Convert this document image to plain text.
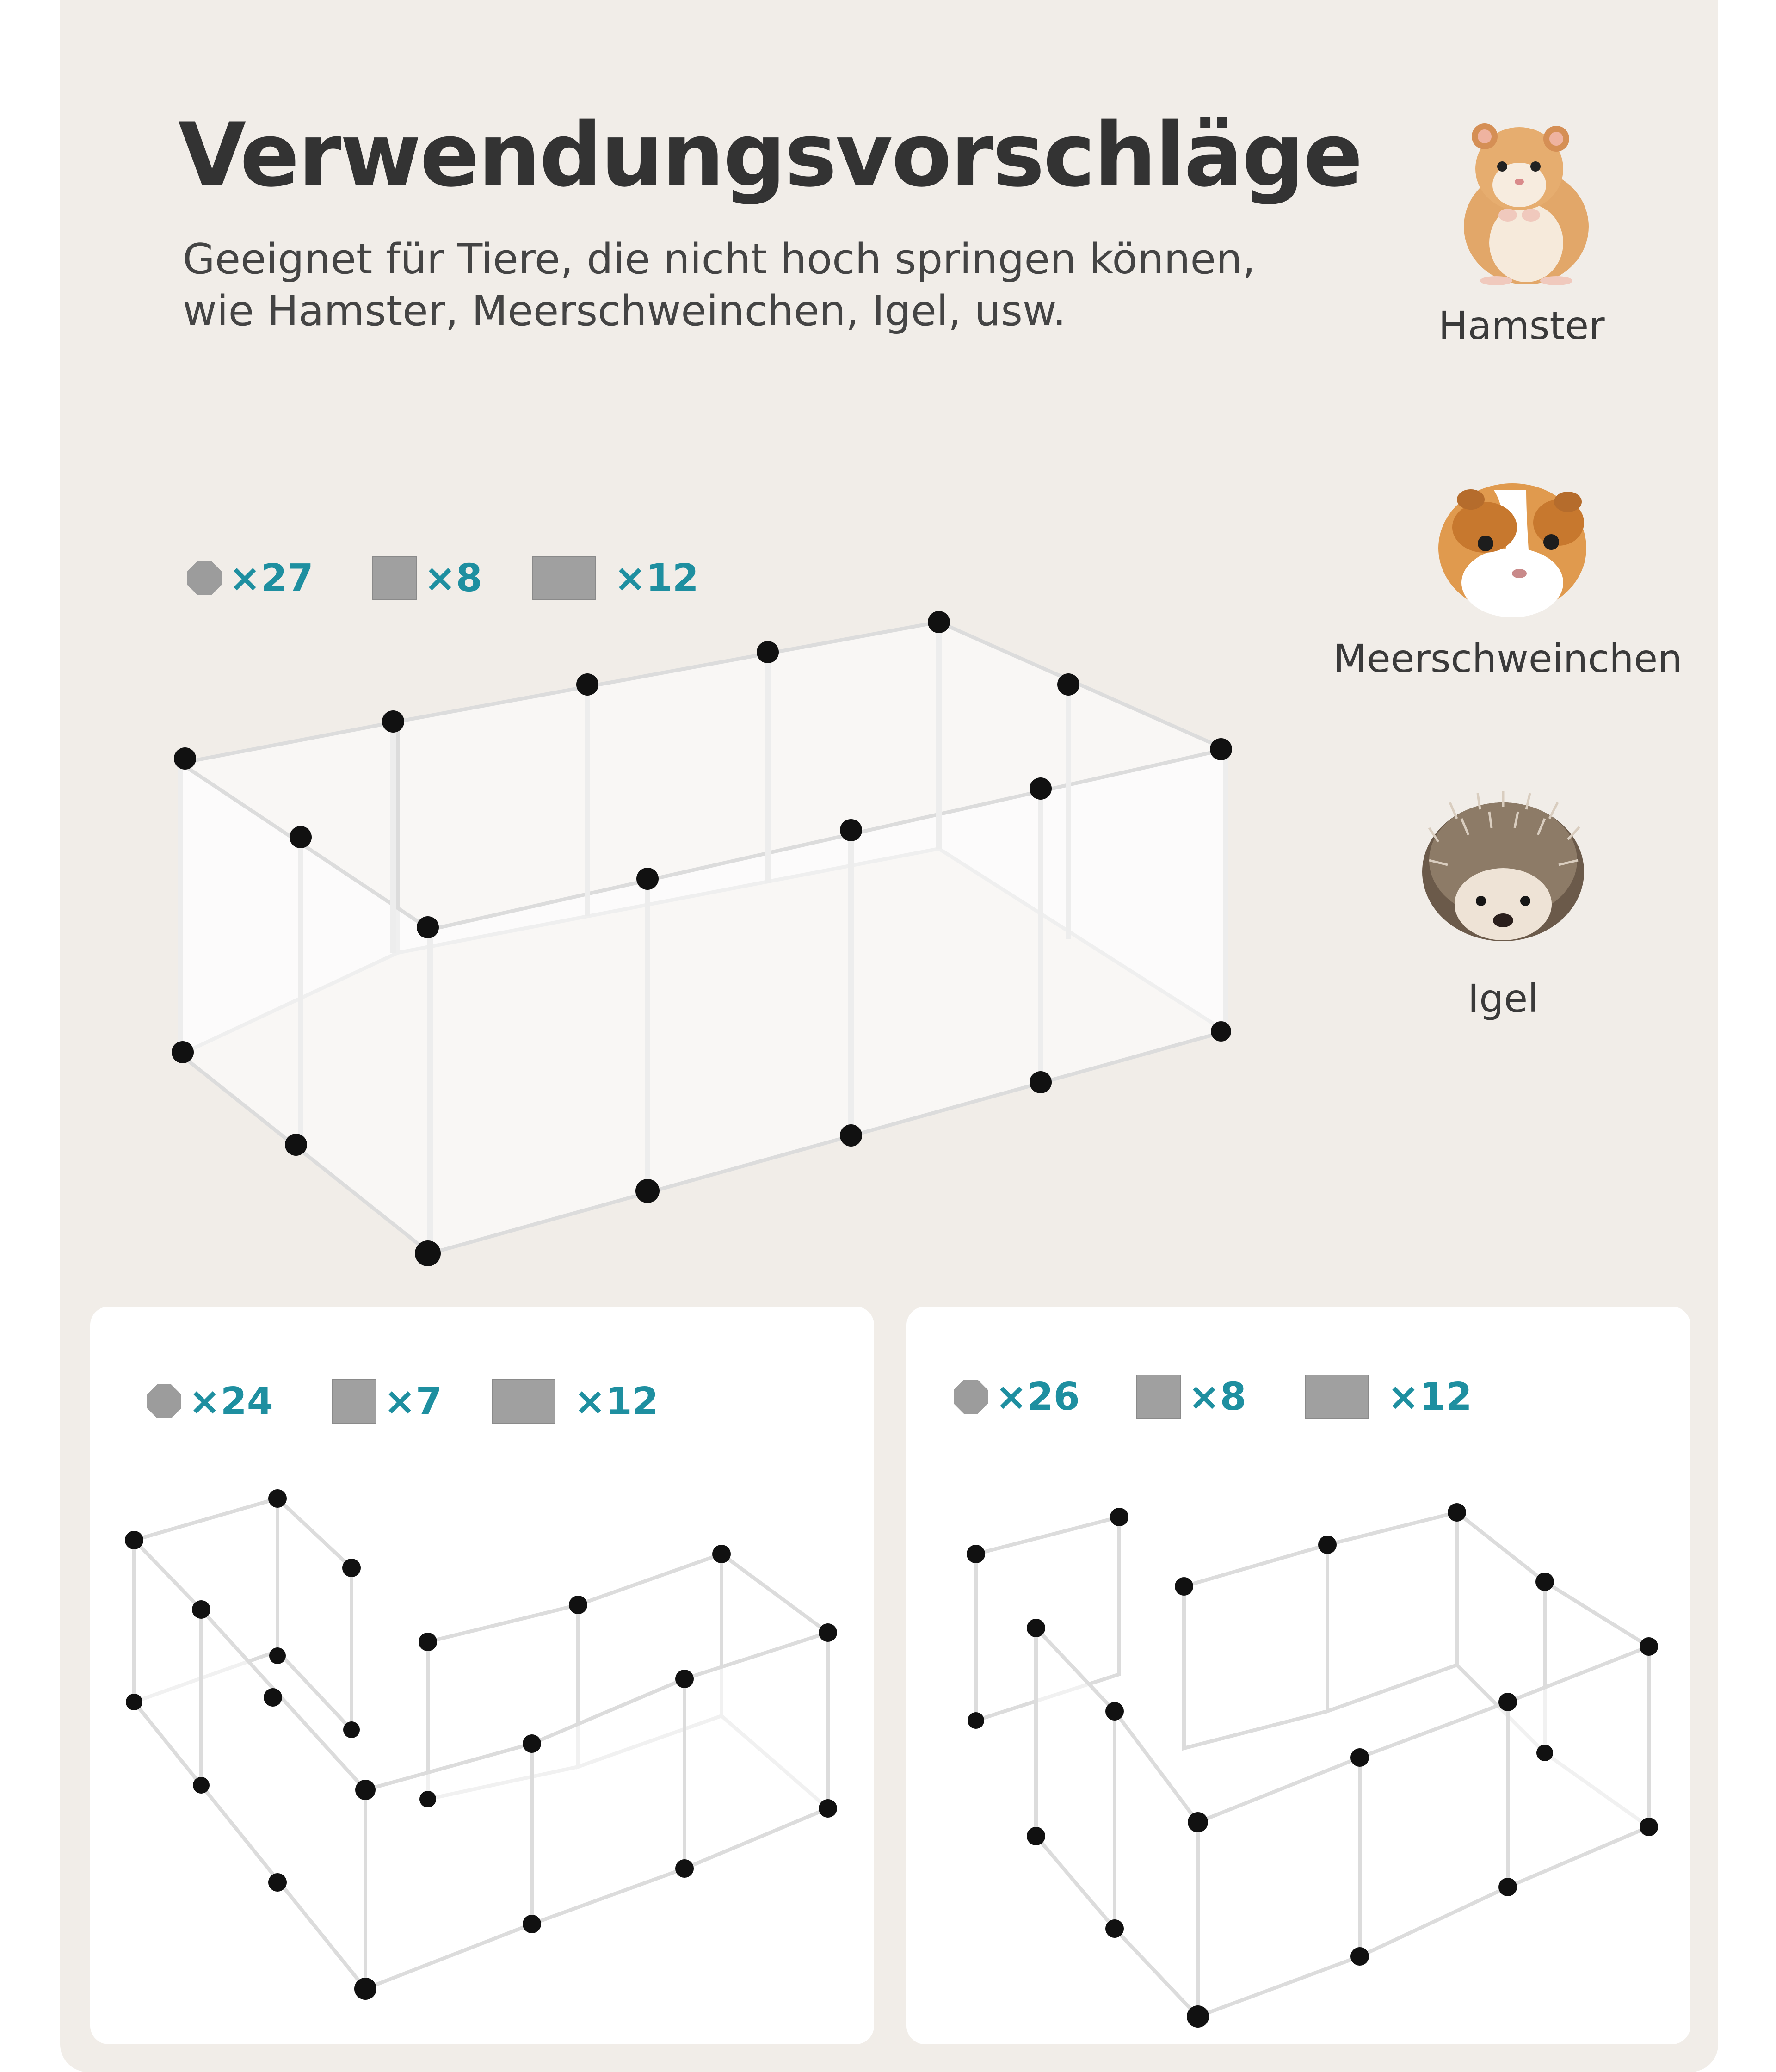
Verwendungsvorschläge
Geeignet für Tiere, die nicht hoch springen können,
wie Hamster, Meerschweinchen, Igel, usw.	Hamster
Meerschweinchen
Igel
×27	×8	×12
×24	×7	×12	×26	×8	×12
